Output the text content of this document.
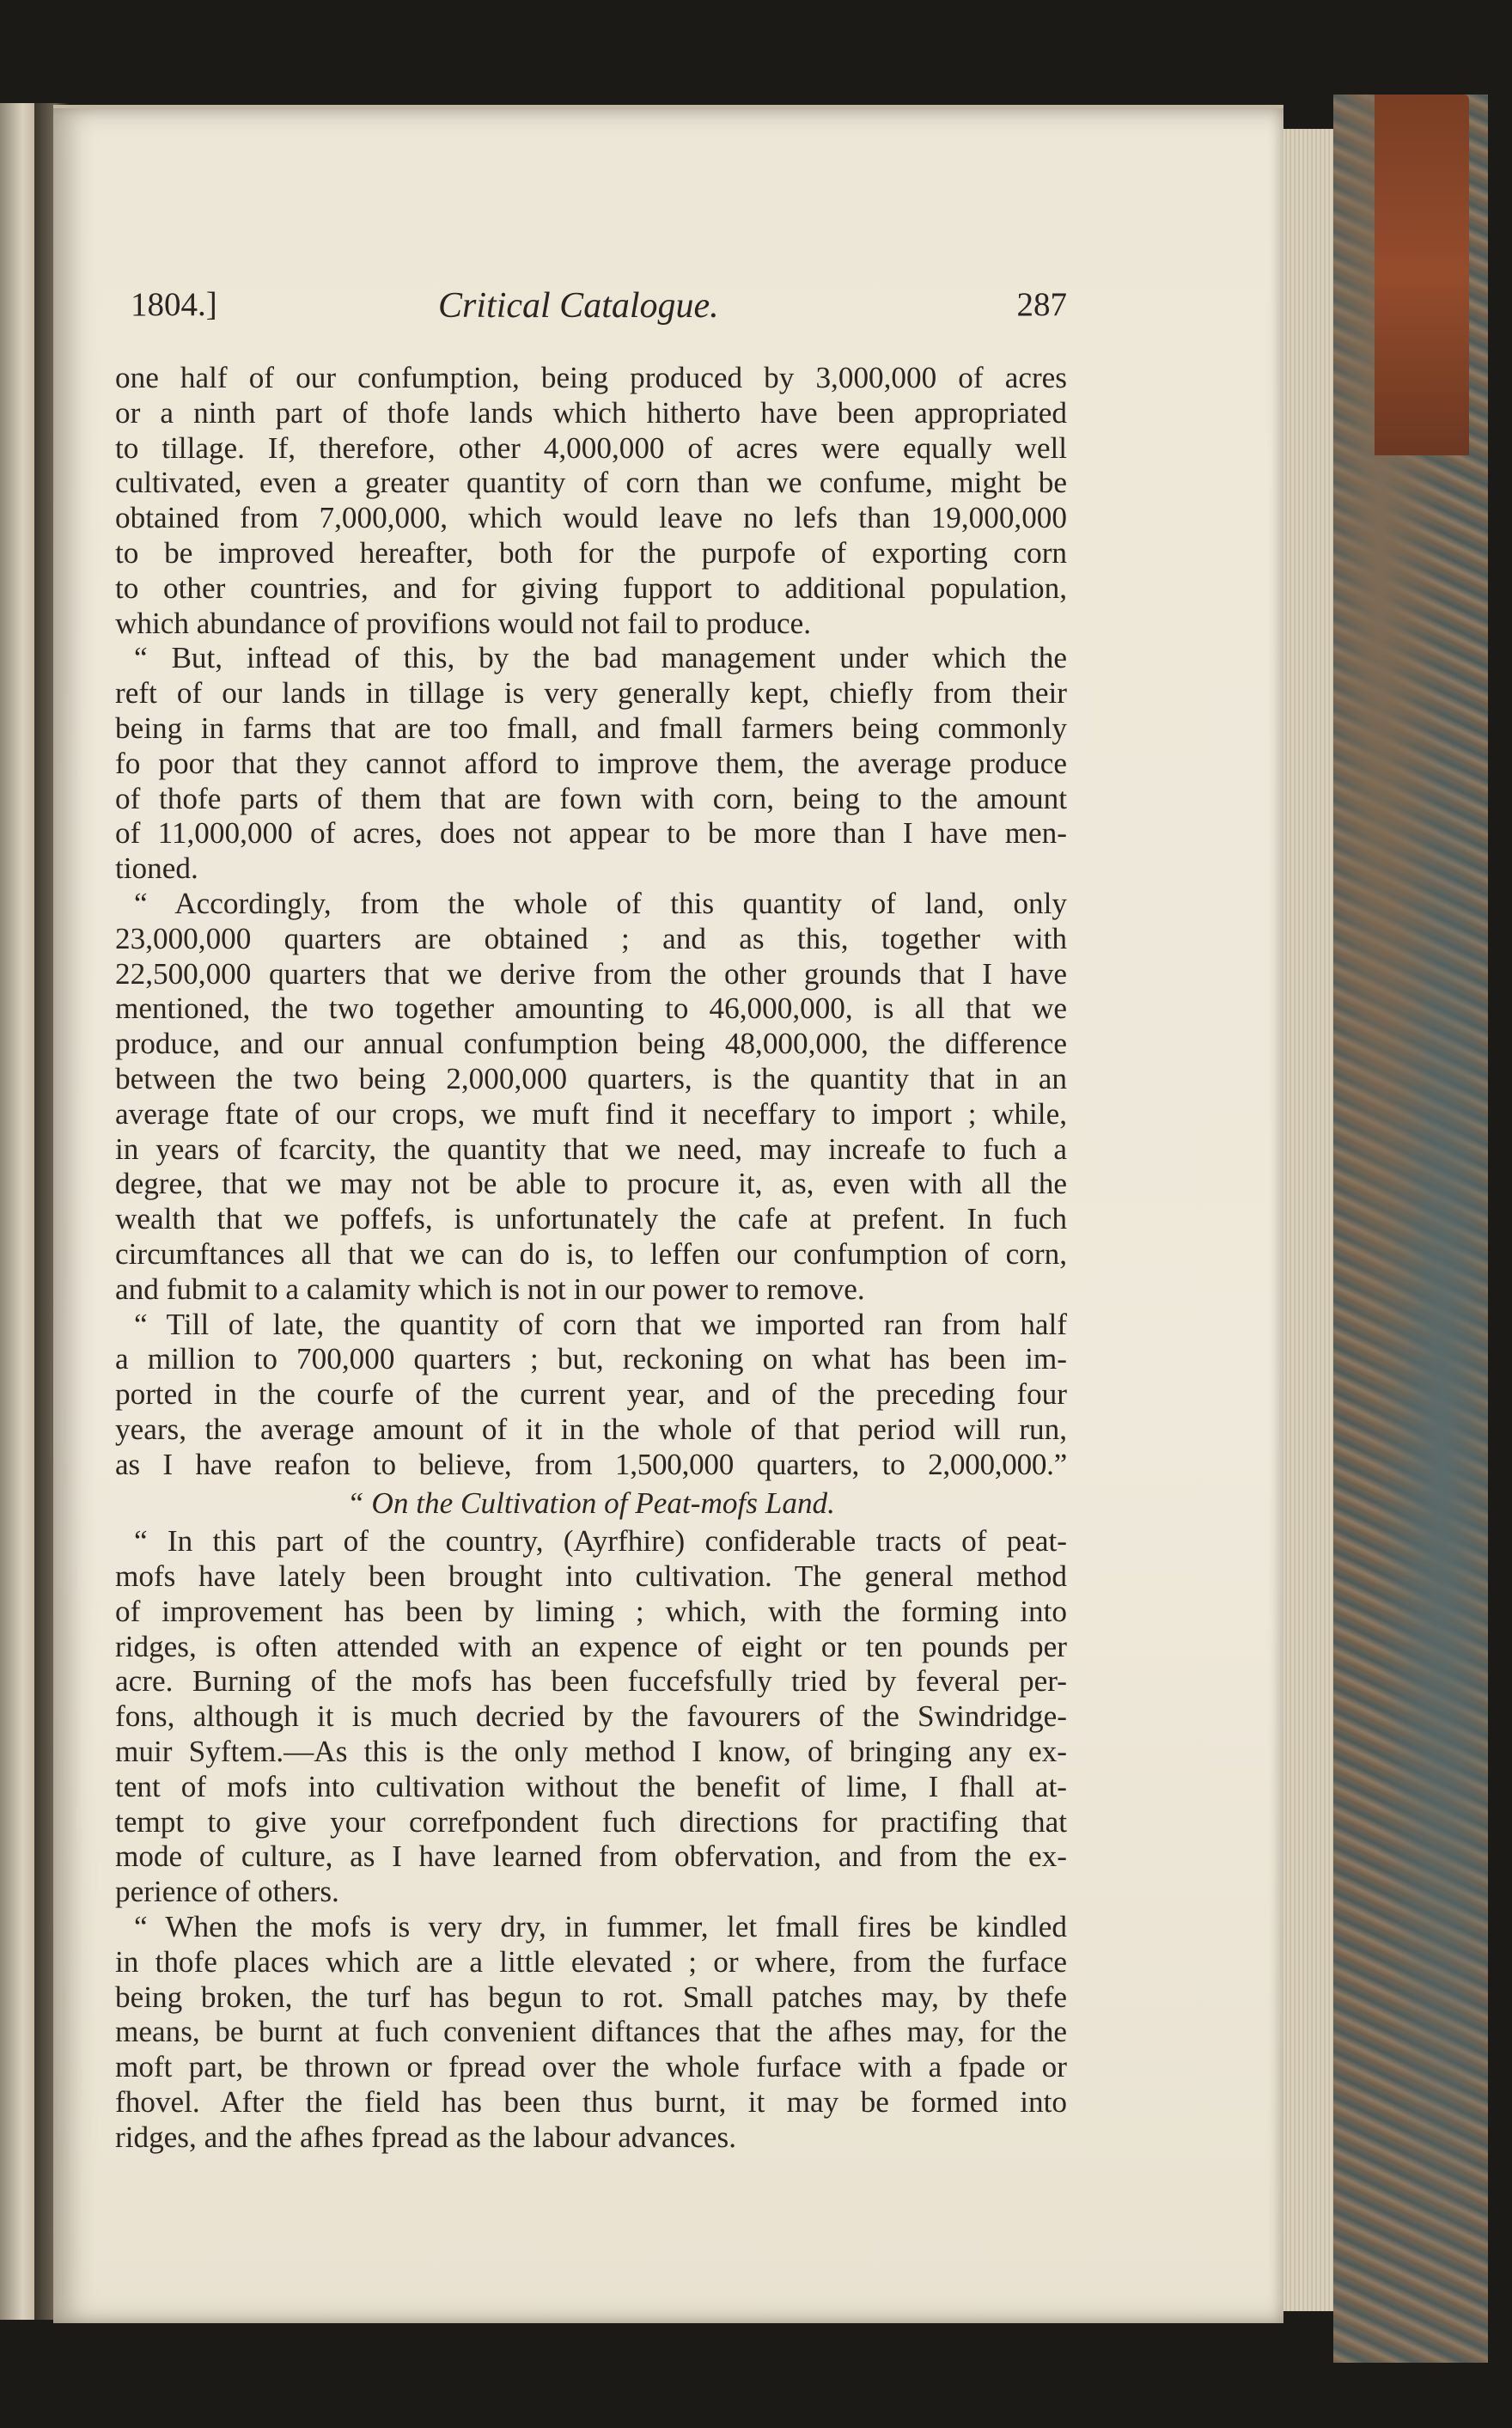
1804.]	Critical Catalogue.	287
one half of our confumption, being produced by 3,000,000 of acres
or a ninth part of thofe lands which hitherto have been appropriated
to tillage. If, therefore, other 4,000,000 of acres were equally well
cultivated, even a greater quantity of corn than we confume, might be
obtained from 7,000,000, which would leave no lefs than 19,000,000
to be improved hereafter, both for the purpofe of exporting corn
to other countries, and for giving fupport to additional population,
which abundance of provifions would not fail to produce.
“ But, inftead of this, by the bad management under which the
reft of our lands in tillage is very generally kept, chiefly from their
being in farms that are too fmall, and fmall farmers being commonly
fo poor that they cannot afford to improve them, the average produce
of thofe parts of them that are fown with corn, being to the amount
of 11,000,000 of acres, does not appear to be more than I have men-
tioned.
“ Accordingly, from the whole of this quantity of land, only
23,000,000 quarters are obtained ; and as this, together with
22,500,000 quarters that we derive from the other grounds that I have
mentioned, the two together amounting to 46,000,000, is all that we
produce, and our annual confumption being 48,000,000, the difference
between the two being 2,000,000 quarters, is the quantity that in an
average ftate of our crops, we muft find it neceffary to import ; while,
in years of fcarcity, the quantity that we need, may increafe to fuch a
degree, that we may not be able to procure it, as, even with all the
wealth that we poffefs, is unfortunately the cafe at prefent. In fuch
circumftances all that we can do is, to leffen our confumption of corn,
and fubmit to a calamity which is not in our power to remove.
“ Till of late, the quantity of corn that we imported ran from half
a million to 700,000 quarters ; but, reckoning on what has been im-
ported in the courfe of the current year, and of the preceding four
years, the average amount of it in the whole of that period will run,
as I have reafon to believe, from 1,500,000 quarters, to 2,000,000.”
“ On the Cultivation of Peat-mofs Land.
“ In this part of the country, (Ayrfhire) confiderable tracts of peat-
mofs have lately been brought into cultivation. The general method
of improvement has been by liming ; which, with the forming into
ridges, is often attended with an expence of eight or ten pounds per
acre. Burning of the mofs has been fuccefsfully tried by feveral per-
fons, although it is much decried by the favourers of the Swindridge-
muir Syftem.—As this is the only method I know, of bringing any ex-
tent of mofs into cultivation without the benefit of lime, I fhall at-
tempt to give your correfpondent fuch directions for practifing that
mode of culture, as I have learned from obfervation, and from the ex-
perience of others.
“ When the mofs is very dry, in fummer, let fmall fires be kindled
in thofe places which are a little elevated ; or where, from the furface
being broken, the turf has begun to rot. Small patches may, by thefe
means, be burnt at fuch convenient diftances that the afhes may, for the
moft part, be thrown or fpread over the whole furface with a fpade or
fhovel. After the field has been thus burnt, it may be formed into
ridges, and the afhes fpread as the labour advances.
